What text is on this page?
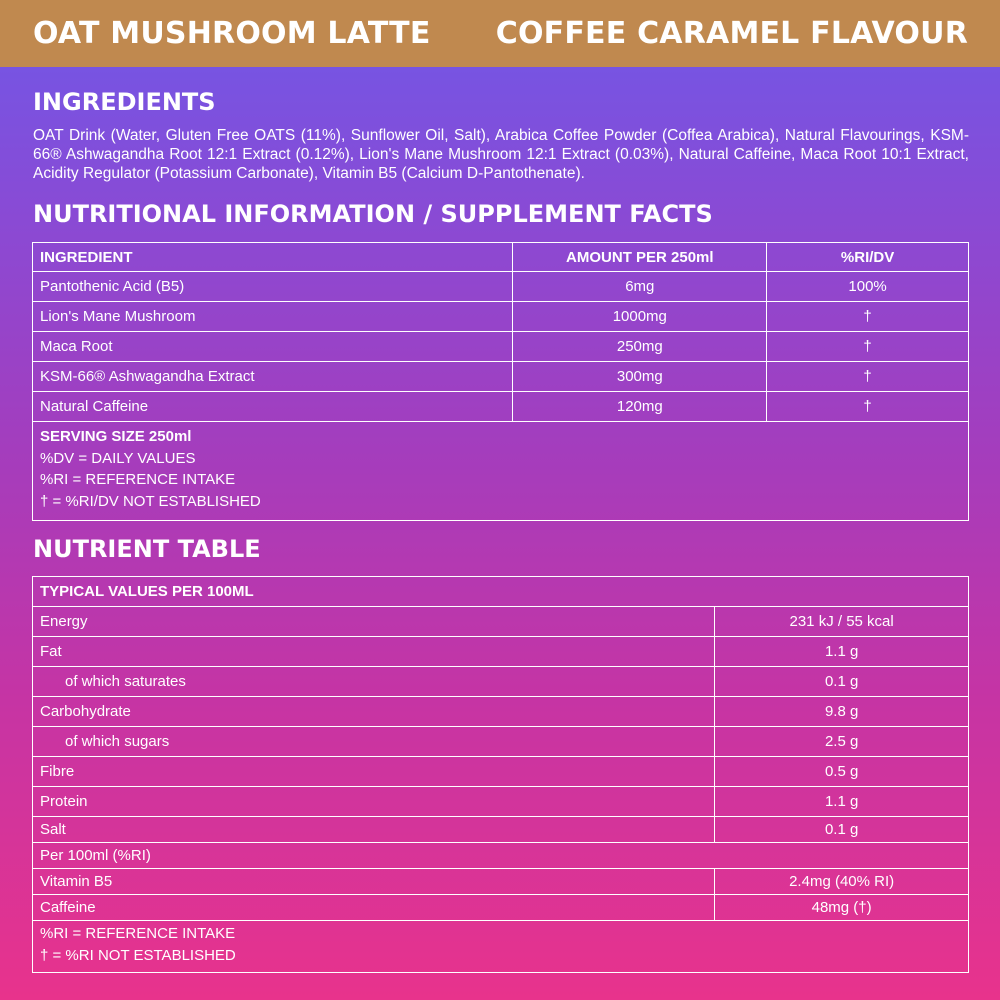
OAT MUSHROOM LATTE COFFEE CARAMEL FLAVOUR
INGREDIENTS
OAT Drink (Water, Gluten Free OATS (11%), Sunflower Oil, Salt), Arabica Coffee Powder (Coffea Arabica), Natural Flavourings, KSM-66® Ashwagandha Root 12:1 Extract (0.12%), Lion's Mane Mushroom 12:1 Extract (0.03%), Natural Caffeine, Maca Root 10:1 Extract, Acidity Regulator (Potassium Carbonate), Vitamin B5 (Calcium D-Pantothenate).
NUTRITIONAL INFORMATION / SUPPLEMENT FACTS
INGREDIENT	AMOUNT PER 250ml	%RI/DV
Pantothenic Acid (B5)	6mg	100%
Lion's Mane Mushroom	1000mg	†
Maca Root	250mg	†
KSM-66® Ashwagandha Extract	300mg	†
Natural Caffeine	120mg	†

SERVING SIZE 250ml
%DV = DAILY VALUES
%RI = REFERENCE INTAKE
† = %RI/DV NOT ESTABLISHED		
NUTRIENT TABLE
TYPICAL VALUES PER 100ML	
Energy	231 kJ / 55 kcal
Fat	1.1 g
of which saturates	0.1 g
Carbohydrate	9.8 g
of which sugars	2.5 g
Fibre	0.5 g
Protein	1.1 g
Salt	0.1 g
Per 100ml (%RI)	
Vitamin B5	2.4mg (40% RI)
Caffeine	48mg (†)

%RI = REFERENCE INTAKE
† = %RI NOT ESTABLISHED	
